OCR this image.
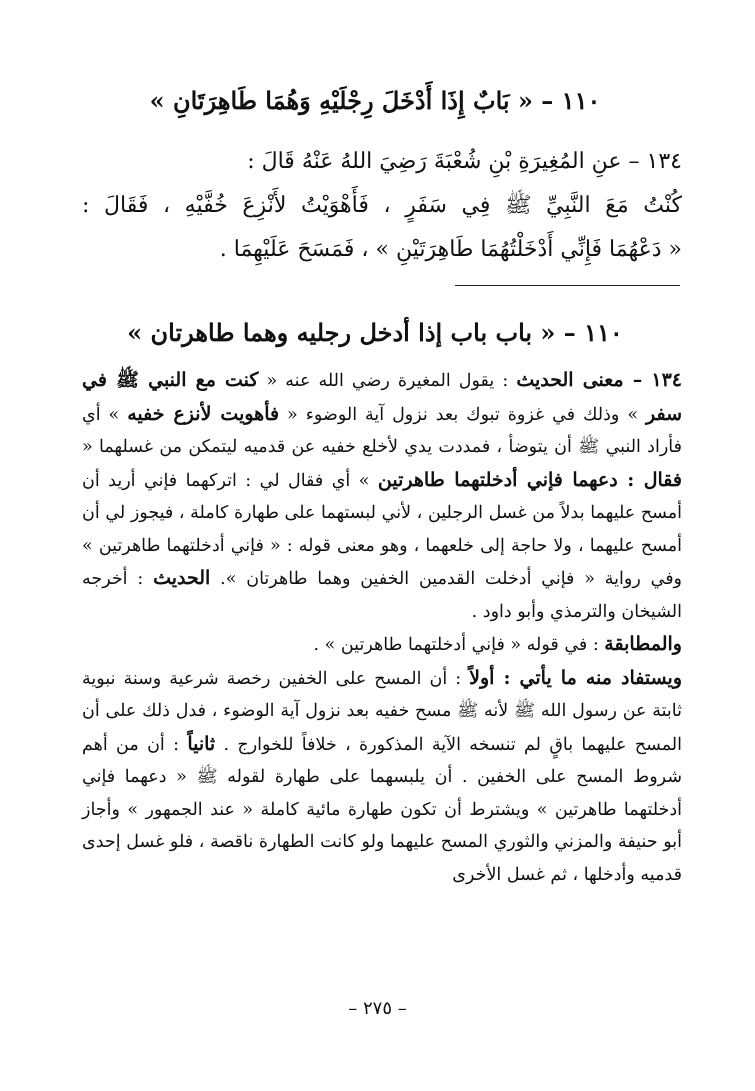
١١٠ – « بَابٌ إِذَا أَدْخَلَ رِجْلَيْهِ وَهُمَا طَاهِرَتَانِ »
١٣٤ – عنِ المُغِيرَةِ بْنِ شُعْبَةَ رَضِيَ اللهُ عَنْهُ قَالَ :
كُنْتُ مَعَ النَّبِيِّ ﷺ فِي سَفَرٍ ، فَأَهْوَيْتُ لأَنْزِعَ خُفَّيْهِ ، فَقَالَ :
« دَعْهُمَا فَإِنِّي أَدْخَلْتُهُمَا طَاهِرَتَيْنِ » ، فَمَسَحَ عَلَيْهِمَا .
١١٠ – « باب باب إذا أدخل رجليه وهما طاهرتان »

١٣٤ – معنى الحديث : يقول المغيرة رضي الله عنه « كنت مع النبي ﷺ في سفر » وذلك في غزوة تبوك بعد نزول آية الوضوء « فأهويت لأنزع خفيه » أي فأراد النبي ﷺ أن يتوضأ ، فمددت يدي لأخلع خفيه عن قدميه ليتمكن من غسلهما « فقال : دعهما فإني أدخلتهما طاهرتين » أي فقال لي : اتركهما فإني أريد أن أمسح عليهما بدلاً من غسل الرجلين ، لأني لبستهما على طهارة كاملة ، فيجوز لي أن أمسح عليهما ، ولا حاجة إلى خلعهما ، وهو معنى قوله : « فإني أدخلتهما طاهرتين » وفي رواية « فإني أدخلت القدمين الخفين وهما طاهرتان ». الحديث : أخرجه الشيخان والترمذي وأبو داود .

والمطابقة : في قوله « فإني أدخلتهما طاهرتين » .

ويستفاد منه ما يأتي : أولاً : أن المسح على الخفين رخصة شرعية وسنة نبوية ثابتة عن رسول الله ﷺ لأنه ﷺ مسح خفيه بعد نزول آية الوضوء ، فدل ذلك على أن المسح عليهما باقٍ لم تنسخه الآية المذكورة ، خلافاً للخوارج . ثانياً : أن من أهم شروط المسح على الخفين . أن يلبسهما على طهارة لقوله ﷺ « دعهما فإني أدخلتهما طاهرتين » ويشترط أن تكون طهارة مائية كاملة « عند الجمهور » وأجاز أبو حنيفة والمزني والثوري المسح عليهما ولو كانت الطهارة ناقصة ، فلو غسل إحدى قدميه وأدخلها ، ثم غسل الأخرى

– ٢٧٥ –
